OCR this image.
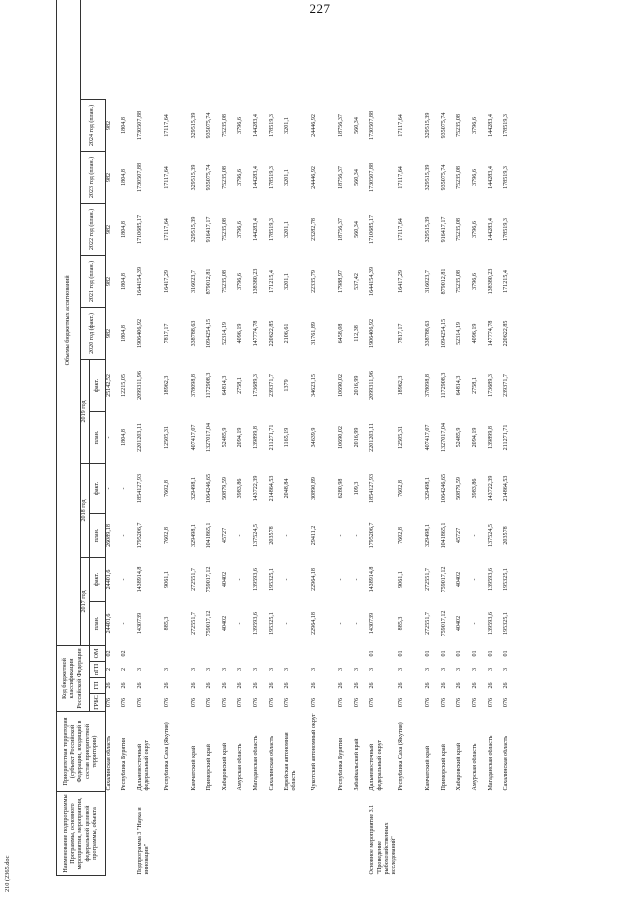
227
210 (2365.doc
Наименование подпрограммы Программы, основного мероприятия, мероприятия, федеральной целевой программы, объекта	Приоритетная территория (субъект Российской Федерации, входящий в состав приоритетной территории)	Код бюджетной классификации Российской Федерации				Объемы бюджетных ассигнований										
						2017 год		2018 год		2019 год		2020 год (факт.)	2021 год (план.)	2022 год (план.)	2023 год (план.)	2024 год (план.)
		ГРБС	ГП	пГП	ОМ	план.	факт.	план.	факт.	план.	факт.					
	Сахалинская область	076	26	2	02	24401,6	24401,6	26089,18	-	-	25142,52	982	982	982	982	982
	Республика Бурятия	076	26	2	02	-	-	-	-	1804,8	12215,05	1804,8	1804,8	1804,8	1804,8	1804,8
Подпрограмма 3 "Наука и инновации"	Дальневосточный федеральный округ	076	26	3		1430739	1438914,8	1795206,7	1854127,93	2201203,11	2099311,96	1906406,92	1644154,39	1710685,17	1730507,88	1730507,88
	Республика Саха (Якутия)	076	26	3		885,3	9061,1	7602,8	7602,8	12505,31	18962,3	7817,17	16417,29	17117,64	17117,64	17117,64
	Камчатский край	076	26	3		272551,7	272551,7	329498,1	329498,1	407417,07	378098,8	338788,63	316023,7	329515,39	329515,39	329515,39
	Приморский край	076	26	3		759017,12	759017,12	1041865,1	1064246,65	1327017,04	1172908,3	1094254,15	879012,81	916417,17	935075,74	935075,74
	Хабаровский край	076	26	3		40402	40402	45727	50879,59	52485,9	64814,3	52314,19	75235,08	75235,08	75235,08	75235,08
	Амурская область	076	26	3		-	-	-	3983,86	2094,19	2758,1	4096,19	3796,6	3796,6	3796,6	3796,6
	Магаданская область	076	26	3		139593,6	139593,6	137524,5	143722,39	139899,8	173689,3	147774,78	138380,23	144283,4	144283,4	144283,4
	Сахалинская область	076	26	3		195325,1	195325,1	203578	214864,53	211271,71	239371,7	220622,85	171215,4	178519,3	178519,3	178519,3
	Еврейская автономная область	076	26	3		-	-	-	2048,84	1165,19	1379	2106,61	3201,1	3201,1	3201,1	3201,1
	Чукотский автономный округ	076	26	3		22964,18	22964,18	29411,2	30890,89	34639,9	34623,15	31761,89	22335,79	23282,78	24446,92	24446,92
	Республика Бурятия	076	26	3		-	-	-	6280,98	10690,02	10690,02	6458,08	17988,97	18756,37	18756,37	18756,37
	Забайкальский край	076	26	3		-	-	-	109,3	2016,99	2016,99	112,38	537,42	560,34	560,34	560,34
Основное мероприятие 3.1 "Проведение рыбохозяйственных исследований"	Дальневосточный федеральный округ	076	26	3	01	1430739	1438914,8	1795206,7	1854127,93	2201203,11	2099311,96	1906406,92	1644154,39	1710685,17	1730507,88	1730507,88
	Республика Саха (Якутия)	076	26	3	01	885,3	9061,1	7602,8	7602,8	12505,31	18962,3	7817,17	16417,29	17117,64	17117,64	17117,64
	Камчатский край	076	26	3	01	272551,7	272551,7	329498,1	329498,1	407417,07	378098,8	338788,63	316023,7	329515,39	329515,39	329515,39
	Приморский край	076	26	3	01	759017,12	759017,12	1041865,1	1064246,65	1327017,04	1172908,3	1094254,15	879012,81	916417,17	935075,74	935075,74
	Хабаровский край	076	26	3	01	40402	40402	45727	50879,59	52485,9	64814,3	52314,19	75235,08	75235,08	75235,08	75235,08
	Амурская область	076	26	3	01	-	-	-	3983,86	2094,19	2758,1	4096,19	3796,6	3796,6	3796,6	3796,6
	Магаданская область	076	26	3	01	139593,6	139593,6	137524,5	143722,39	139899,8	173689,3	147774,78	138380,23	144283,4	144283,4	144283,4
	Сахалинская область	076	26	3	01	195325,1	195325,1	203578	214864,53	211271,71	239371,7	220622,85	171215,4	178519,3	178519,3	178519,3
